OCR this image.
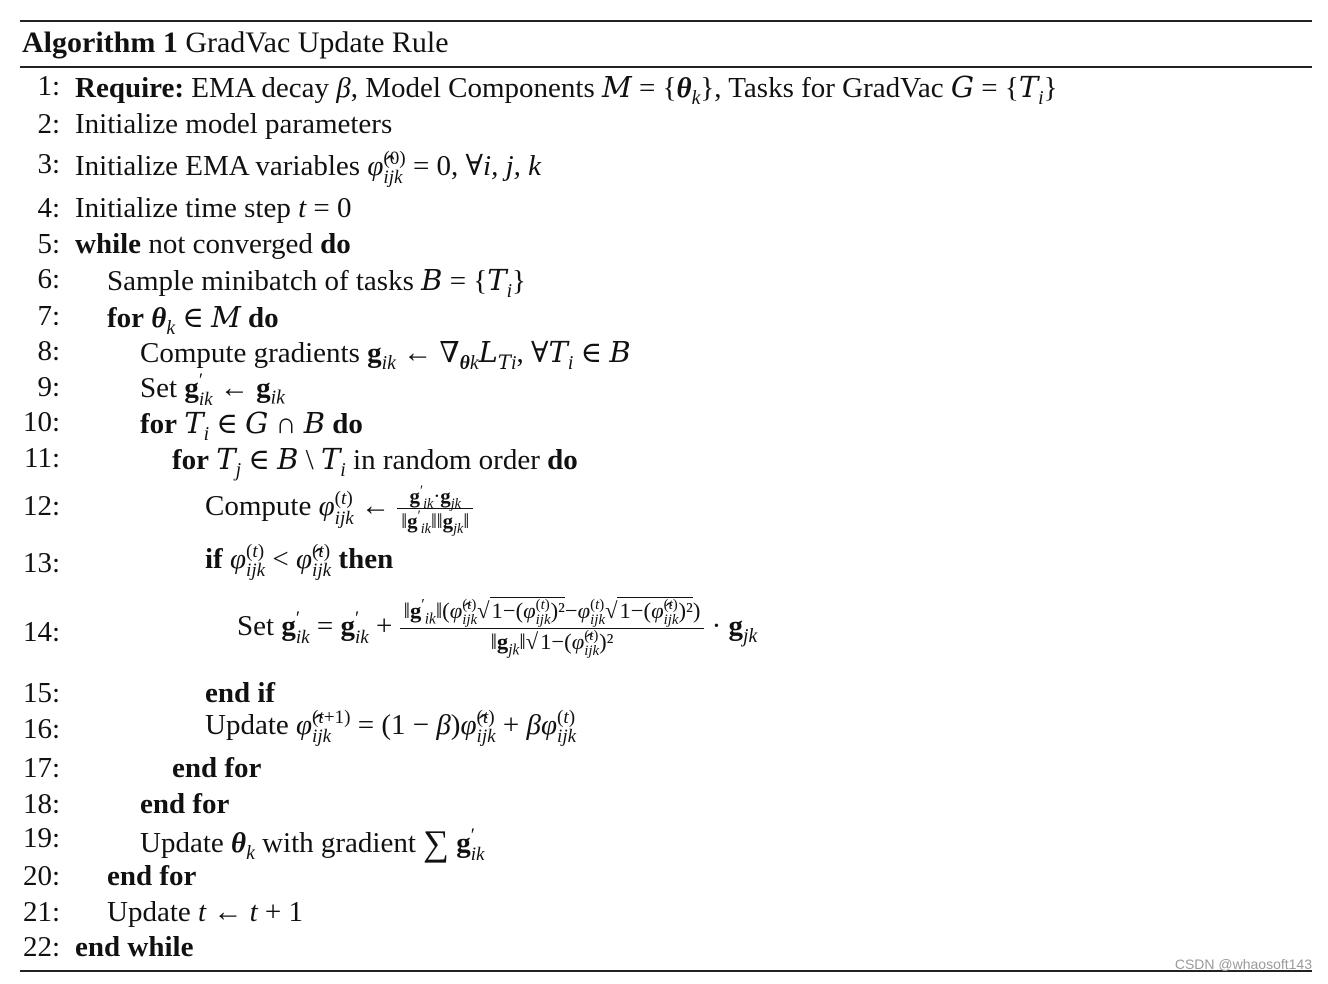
Algorithm 1 GradVac Update Rule
1: Require: EMA decay β, Model Components $M = \{\theta_k\}$, Tasks for GradVac $G = \{T_i\}$
2: Initialize model parameters
3: Initialize EMA variables φ̂ (0)
ijk = 0, ∀i, j, k
4: Initialize time step t = 0
5: while not converged do
6: Sample minibatch of tasks $B = \{T_i\}$
7: for $\theta_k$ ∈ M do
8:	Compute gradients $g_{ik}$ ← $\nabla_{\theta k}L_{Ti}$, $\forall T_i$ ∈ B
9:	Set g ′
ik ← $g_{ik}$
10:	for $T_i$ ∈ G ∩ B do
11:	for $T_j$ ∈ B \ $T_i$ in random order do
12:	Compute φ (t)
ijk ← $\frac{g'_{ik}\cdot g_{jk}}{‖g'_{ik}‖‖g_{jk}‖}$
13:	if φ (t)
ijk < φ̂ (t)
ijk then
14:	Set g ′
ik = g ′
ik + $‖g'_{ik}‖(\varphî$ (t)
ijk √1−(φ (t)
ijk )²−φ (t)
ijk √1−(φ̂ (t)
ijk )²)
$‖g_{jk}‖√1-(\varphî$ (t)
ijk )$^2 \cdot g_{jk}$
15:	end if
16:	Update φ̂ (t+1)
ijk = (1 − β)φ̂ (t)
ijk + βφ (t)
ijk
17:	end for
18:	end for
19:	Update $\theta_k$ with gradient ∑ g ′
ik
20: end for
21: Update t ← t + 1
22: end while
CSDN @whaosoft143
